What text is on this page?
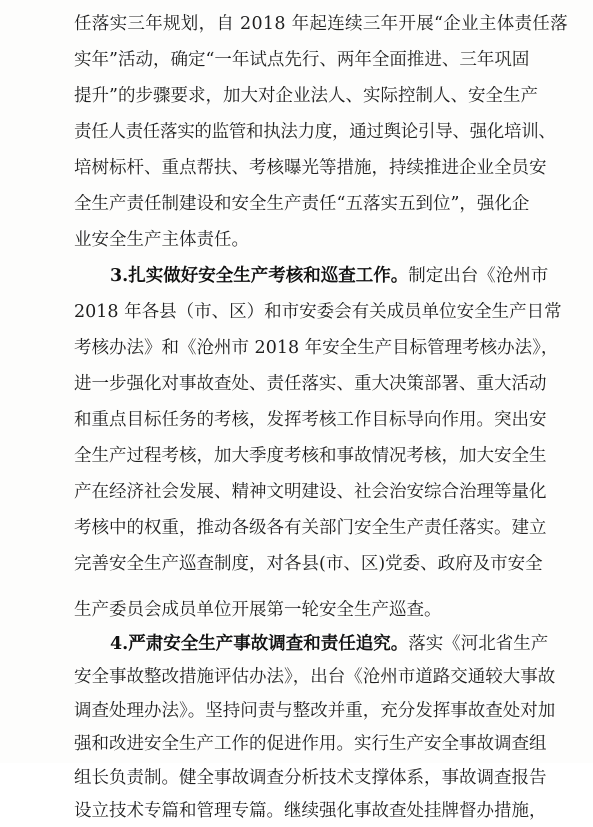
任落实三年规划，自 2018 年起连续三年开展“企业主体责任落
实年”活动，确定“一年试点先行、两年全面推进、三年巩固
提升”的步骤要求，加大对企业法人、实际控制人、安全生产
责任人责任落实的监管和执法力度，通过舆论引导、强化培训、
培树标杆、重点帮扶、考核曝光等措施，持续推进企业全员安
全生产责任制建设和安全生产责任“五落实五到位”，强化企
业安全生产主体责任。
3.扎实做好安全生产考核和巡查工作。制定出台《沧州市
2018 年各县（市、区）和市安委会有关成员单位安全生产日常
考核办法》和《沧州市 2018 年安全生产目标管理考核办法》，
进一步强化对事故查处、责任落实、重大决策部署、重大活动
和重点目标任务的考核，发挥考核工作目标导向作用。突出安
全生产过程考核，加大季度考核和事故情况考核，加大安全生
产在经济社会发展、精神文明建设、社会治安综合治理等量化
考核中的权重，推动各级各有关部门安全生产责任落实。建立
完善安全生产巡查制度，对各县(市、区)党委、政府及市安全
生产委员会成员单位开展第一轮安全生产巡查。
4.严肃安全生产事故调查和责任追究。落实《河北省生产
安全事故整改措施评估办法》，出台《沧州市道路交通较大事故
调查处理办法》。坚持问责与整改并重，充分发挥事故查处对加
强和改进安全生产工作的促进作用。实行生产安全事故调查组
组长负责制。健全事故调查分析技术支撑体系，事故调查报告
设立技术专篇和管理专篇。继续强化事故查处挂牌督办措施，
